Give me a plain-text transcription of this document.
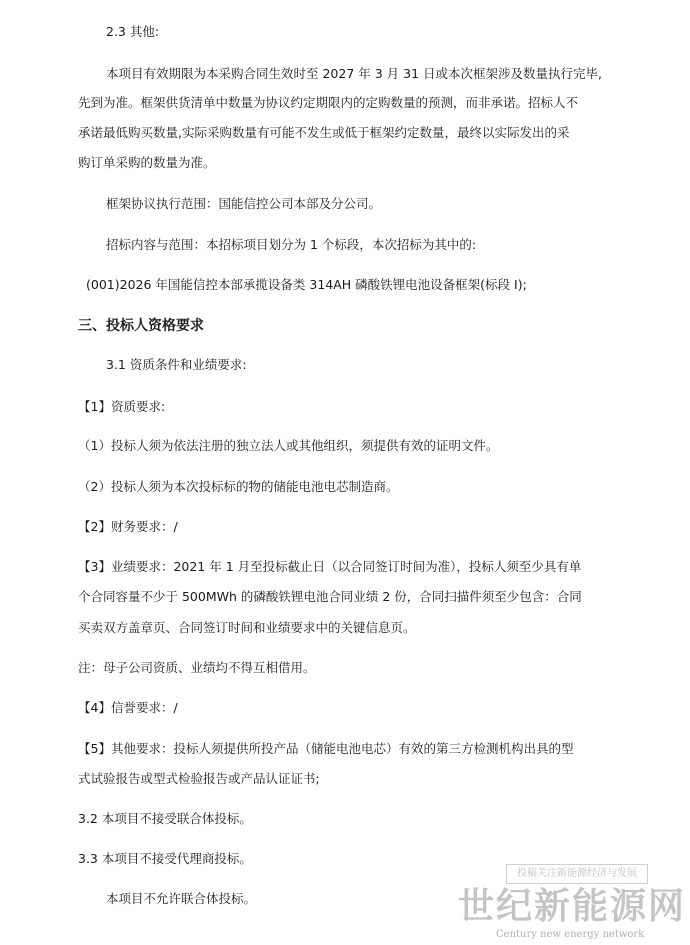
2.3 其他:
本项目有效期限为本采购合同生效时至 2027 年 3 月 31 日或本次框架涉及数量执行完毕,
先到为准。框架供货清单中数量为协议约定期限内的定购数量的预测，而非承诺。招标人不
承诺最低购买数量,实际采购数量有可能不发生或低于框架约定数量，最终以实际发出的采
购订单采购的数量为准。
框架协议执行范围：国能信控公司本部及分公司。
招标内容与范围：本招标项目划分为 1 个标段，本次招标为其中的:
(001)2026 年国能信控本部承揽设备类 314AH 磷酸铁锂电池设备框架(标段 I);
三、投标人资格要求
3.1 资质条件和业绩要求:
【1】资质要求:
（1）投标人须为依法注册的独立法人或其他组织，须提供有效的证明文件。
（2）投标人须为本次投标标的物的储能电池电芯制造商。
【2】财务要求：/
【3】业绩要求：2021 年 1 月至投标截止日（以合同签订时间为准），投标人须至少具有单
个合同容量不少于 500MWh 的磷酸铁锂电池合同业绩 2 份，合同扫描件须至少包含：合同
买卖双方盖章页、合同签订时间和业绩要求中的关键信息页。
注：母子公司资质、业绩均不得互相借用。
【4】信誉要求：/
【5】其他要求：投标人须提供所投产品（储能电池电芯）有效的第三方检测机构出具的型
式试验报告或型式检验报告或产品认证证书;
3.2 本项目不接受联合体投标。
3.3 本项目不接受代理商投标。
本项目不允许联合体投标。
投稿关注新能源经济与发展
世纪新能源网
Century new energy network
